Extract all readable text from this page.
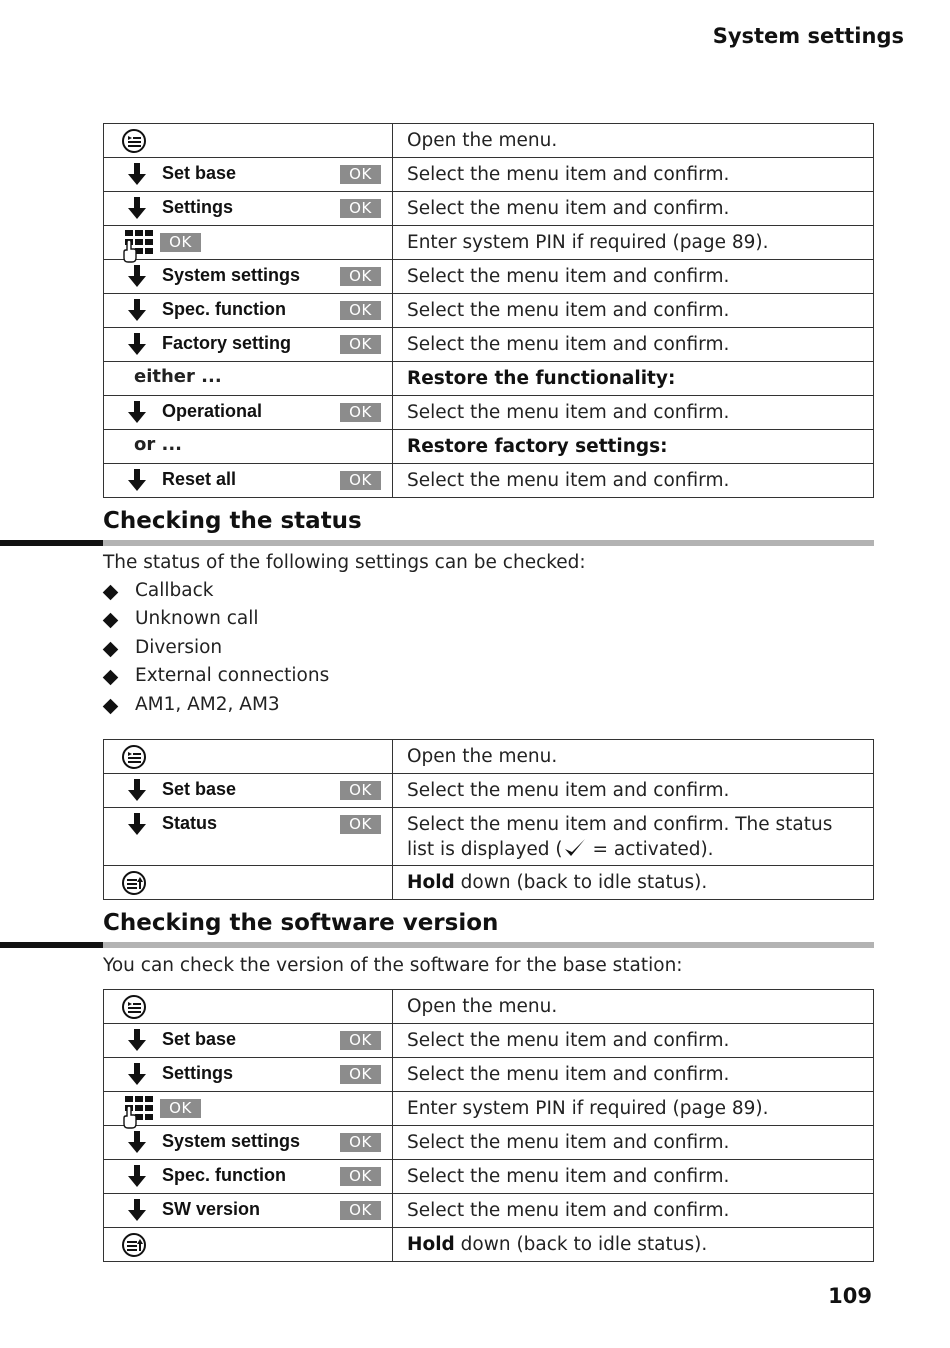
System settings
	Open the menu.

Set base OK	Select the menu item and confirm.

Settings OK	Select the menu item and confirm.

OK	Enter system PIN if required (page 89).

System settings OK	Select the menu item and confirm.

Spec. function OK	Select the menu item and confirm.

Factory setting OK	Select the menu item and confirm.

either ...	Restore the functionality:

Operational OK	Select the menu item and confirm.

or ...	Restore factory settings:

Reset all OK	Select the menu item and confirm.
Checking the status
The status of the following settings can be checked:
Callback
Unknown call
Diversion
External connections
AM1, AM2, AM3
	Open the menu.

Set base OK	Select the menu item and confirm.

Status OK	Select the menu item and confirm. The status list is displayed ( = activated).

	Hold down (back to idle status).
Checking the software version
You can check the version of the software for the base station:
	Open the menu.

Set base OK	Select the menu item and confirm.

Settings OK	Select the menu item and confirm.

OK	Enter system PIN if required (page 89).

System settings OK	Select the menu item and confirm.

Spec. function OK	Select the menu item and confirm.

SW version OK	Select the menu item and confirm.

	Hold down (back to idle status).
109
